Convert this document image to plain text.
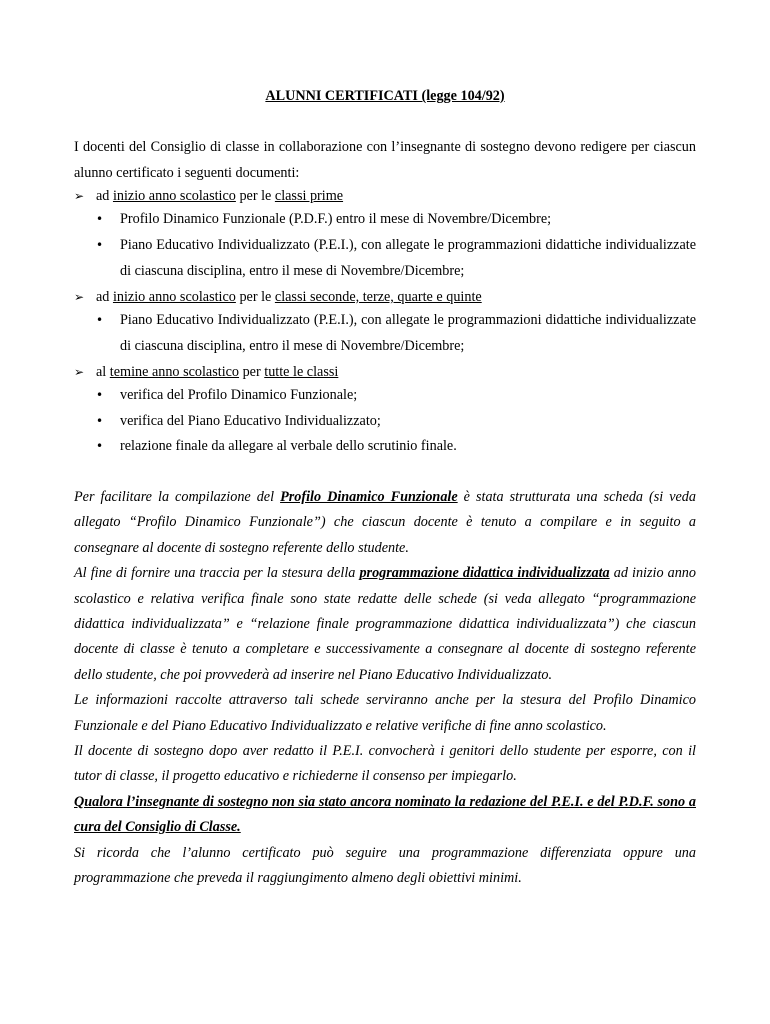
ALUNNI CERTIFICATI (legge 104/92)
I docenti del Consiglio di classe in collaborazione con l’insegnante di sostegno devono redigere per ciascun alunno certificato i seguenti documenti:
➢ ad inizio anno scolastico per le classi prime
• Profilo Dinamico Funzionale (P.D.F.) entro il mese di Novembre/Dicembre;
• Piano Educativo Individualizzato (P.E.I.), con allegate le programmazioni didattiche individualizzate di ciascuna disciplina, entro il mese di Novembre/Dicembre;
➢ ad inizio anno scolastico per le classi seconde, terze, quarte e quinte
• Piano Educativo Individualizzato (P.E.I.), con allegate le programmazioni didattiche individualizzate di ciascuna disciplina, entro il mese di Novembre/Dicembre;
➢ al temine anno scolastico per tutte le classi
• verifica del Profilo Dinamico Funzionale;
• verifica del Piano Educativo Individualizzato;
• relazione finale da allegare al verbale dello scrutinio finale.
Per facilitare la compilazione del Profilo Dinamico Funzionale è stata strutturata una scheda (si veda allegato “Profilo Dinamico Funzionale”) che ciascun docente è tenuto a compilare e in seguito a consegnare al docente di sostegno referente dello studente.
Al fine di fornire una traccia per la stesura della programmazione didattica individualizzata ad inizio anno scolastico e relativa verifica finale sono state redatte delle schede (si veda allegato “programmazione didattica individualizzata” e “relazione finale programmazione didattica individualizzata”) che ciascun docente di classe è tenuto a completare e successivamente a consegnare al docente di sostegno referente dello studente, che poi provvederà ad inserire nel Piano Educativo Individualizzato.
Le informazioni raccolte attraverso tali schede serviranno anche per la stesura del Profilo Dinamico Funzionale e del Piano Educativo Individualizzato e relative verifiche di fine anno scolastico.
Il docente di sostegno dopo aver redatto il P.E.I. convocherà i genitori dello studente per esporre, con il tutor di classe, il progetto educativo e richiederne il consenso per impiegarlo.
Qualora l’insegnante di sostegno non sia stato ancora nominato la redazione del P.E.I. e del P.D.F. sono a cura del Consiglio di Classe.
Si ricorda che l’alunno certificato può seguire una programmazione differenziata oppure una programmazione che preveda il raggiungimento almeno degli obiettivi minimi.
